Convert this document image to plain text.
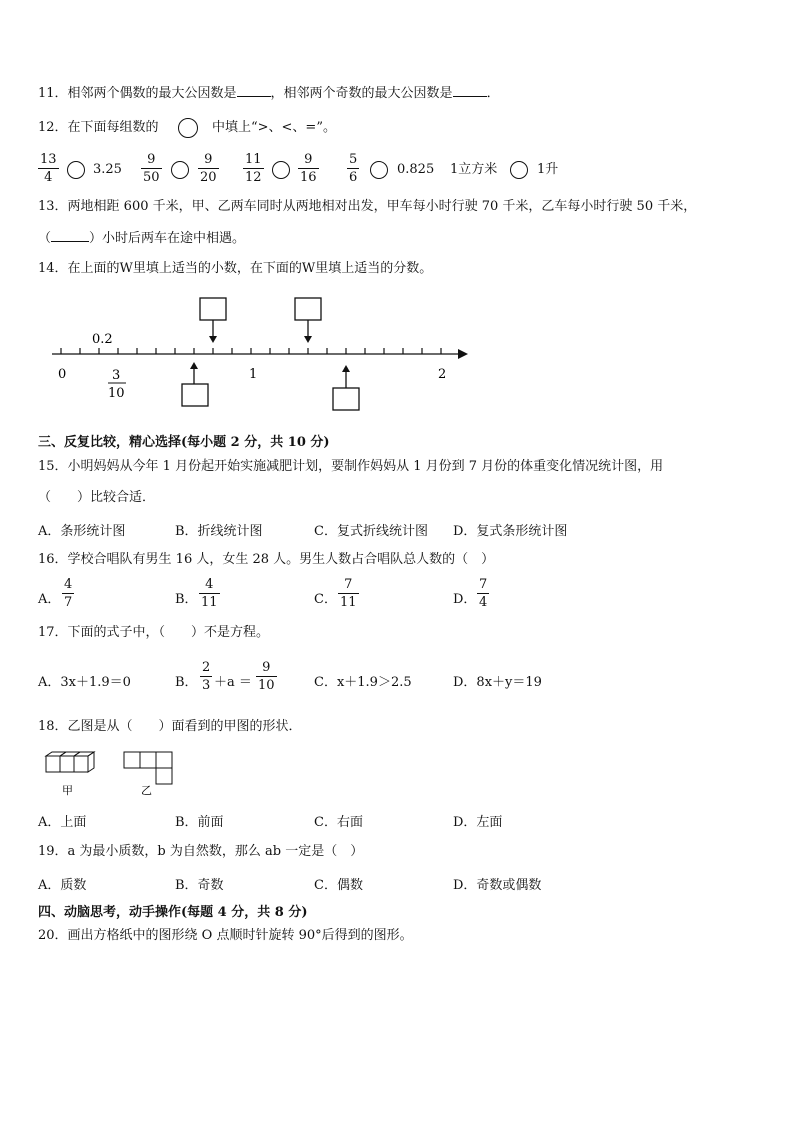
11．相邻两个偶数的最大公因数是	，相邻两个奇数的最大公因数是	．
12．在下面每组数的	中填上“>、<、=”。
13
4
3.25
9
50
9
20
11
12
9
16
5
6
0.825 1立方米	1升
13．两地相距 600 千米，甲、乙两车同时从两地相对出发，甲车每小时行驶 70 千米，乙车每小时行驶 50 千米，
（	）小时后两车在途中相遇。
14．在上面的W里填上适当的小数，在下面的W里填上适当的分数。
0.2
0	1	2
3
10
三、反复比较，精心选择(每小题 2 分，共 10 分)
15．小明妈妈从今年 1 月份起开始实施减肥计划，要制作妈妈从 1 月份到 7 月份的体重变化情况统计图，用
（　　）比较合适．
A．条形统计图	B．折线统计图	C．复式折线统计图 D．复式条形统计图
16．学校合唱队有男生 16 人，女生 28 人。男生人数占合唱队总人数的（　）
A．
4
7	B．
4
11	C．
7
11	D．
7
4
17．下面的式子中，（　　）不是方程。
A．3x＋1.9＝0	B．
2
3 ＋a ＝
9
10	C．x＋1.9＞2.5	D．8x＋y＝19
18．乙图是从（　　）面看到的甲图的形状．
甲	乙
A．上面	B．前面	C．右面	D．左面
19．a 为最小质数，b 为自然数，那么 ab 一定是（　）
A．质数	B．奇数	C．偶数	D．奇数或偶数
四、动脑思考，动手操作(每题 4 分，共 8 分)
20．画出方格纸中的图形绕 O 点顺时针旋转 90°后得到的图形。
